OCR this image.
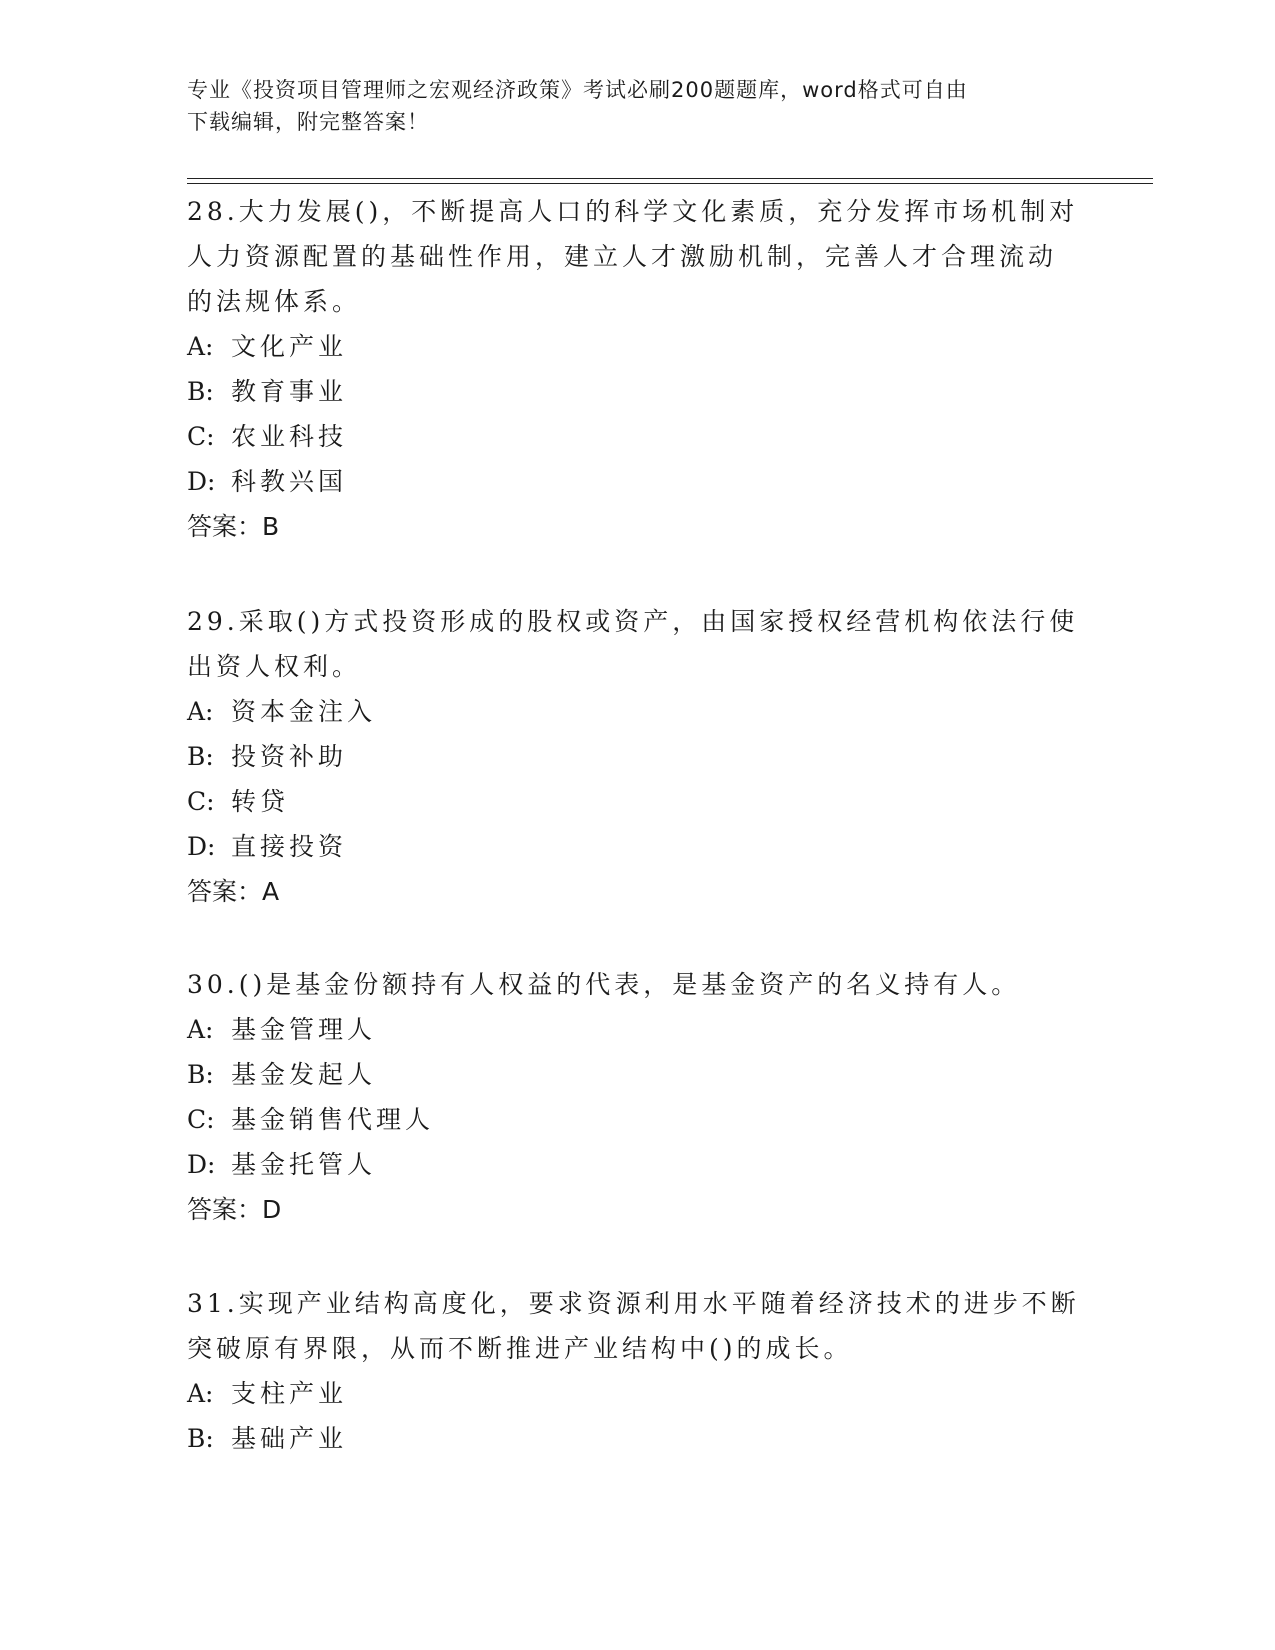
专业《投资项目管理师之宏观经济政策》考试必刷200题题库，word格式可自由
下载编辑，附完整答案！
28.大力发展()，不断提高人口的科学文化素质，充分发挥市场机制对
人力资源配置的基础性作用，建立人才激励机制，完善人才合理流动
的法规体系。
A: 文化产业
B: 教育事业
C: 农业科技
D: 科教兴国
答案： B
29.采取()方式投资形成的股权或资产，由国家授权经营机构依法行使
出资人权利。
A: 资本金注入
B: 投资补助
C: 转贷
D: 直接投资
答案： A
30.()是基金份额持有人权益的代表，是基金资产的名义持有人。
A: 基金管理人
B: 基金发起人
C: 基金销售代理人
D: 基金托管人
答案： D
31.实现产业结构高度化，要求资源利用水平随着经济技术的进步不断
突破原有界限，从而不断推进产业结构中()的成长。
A: 支柱产业
B: 基础产业
